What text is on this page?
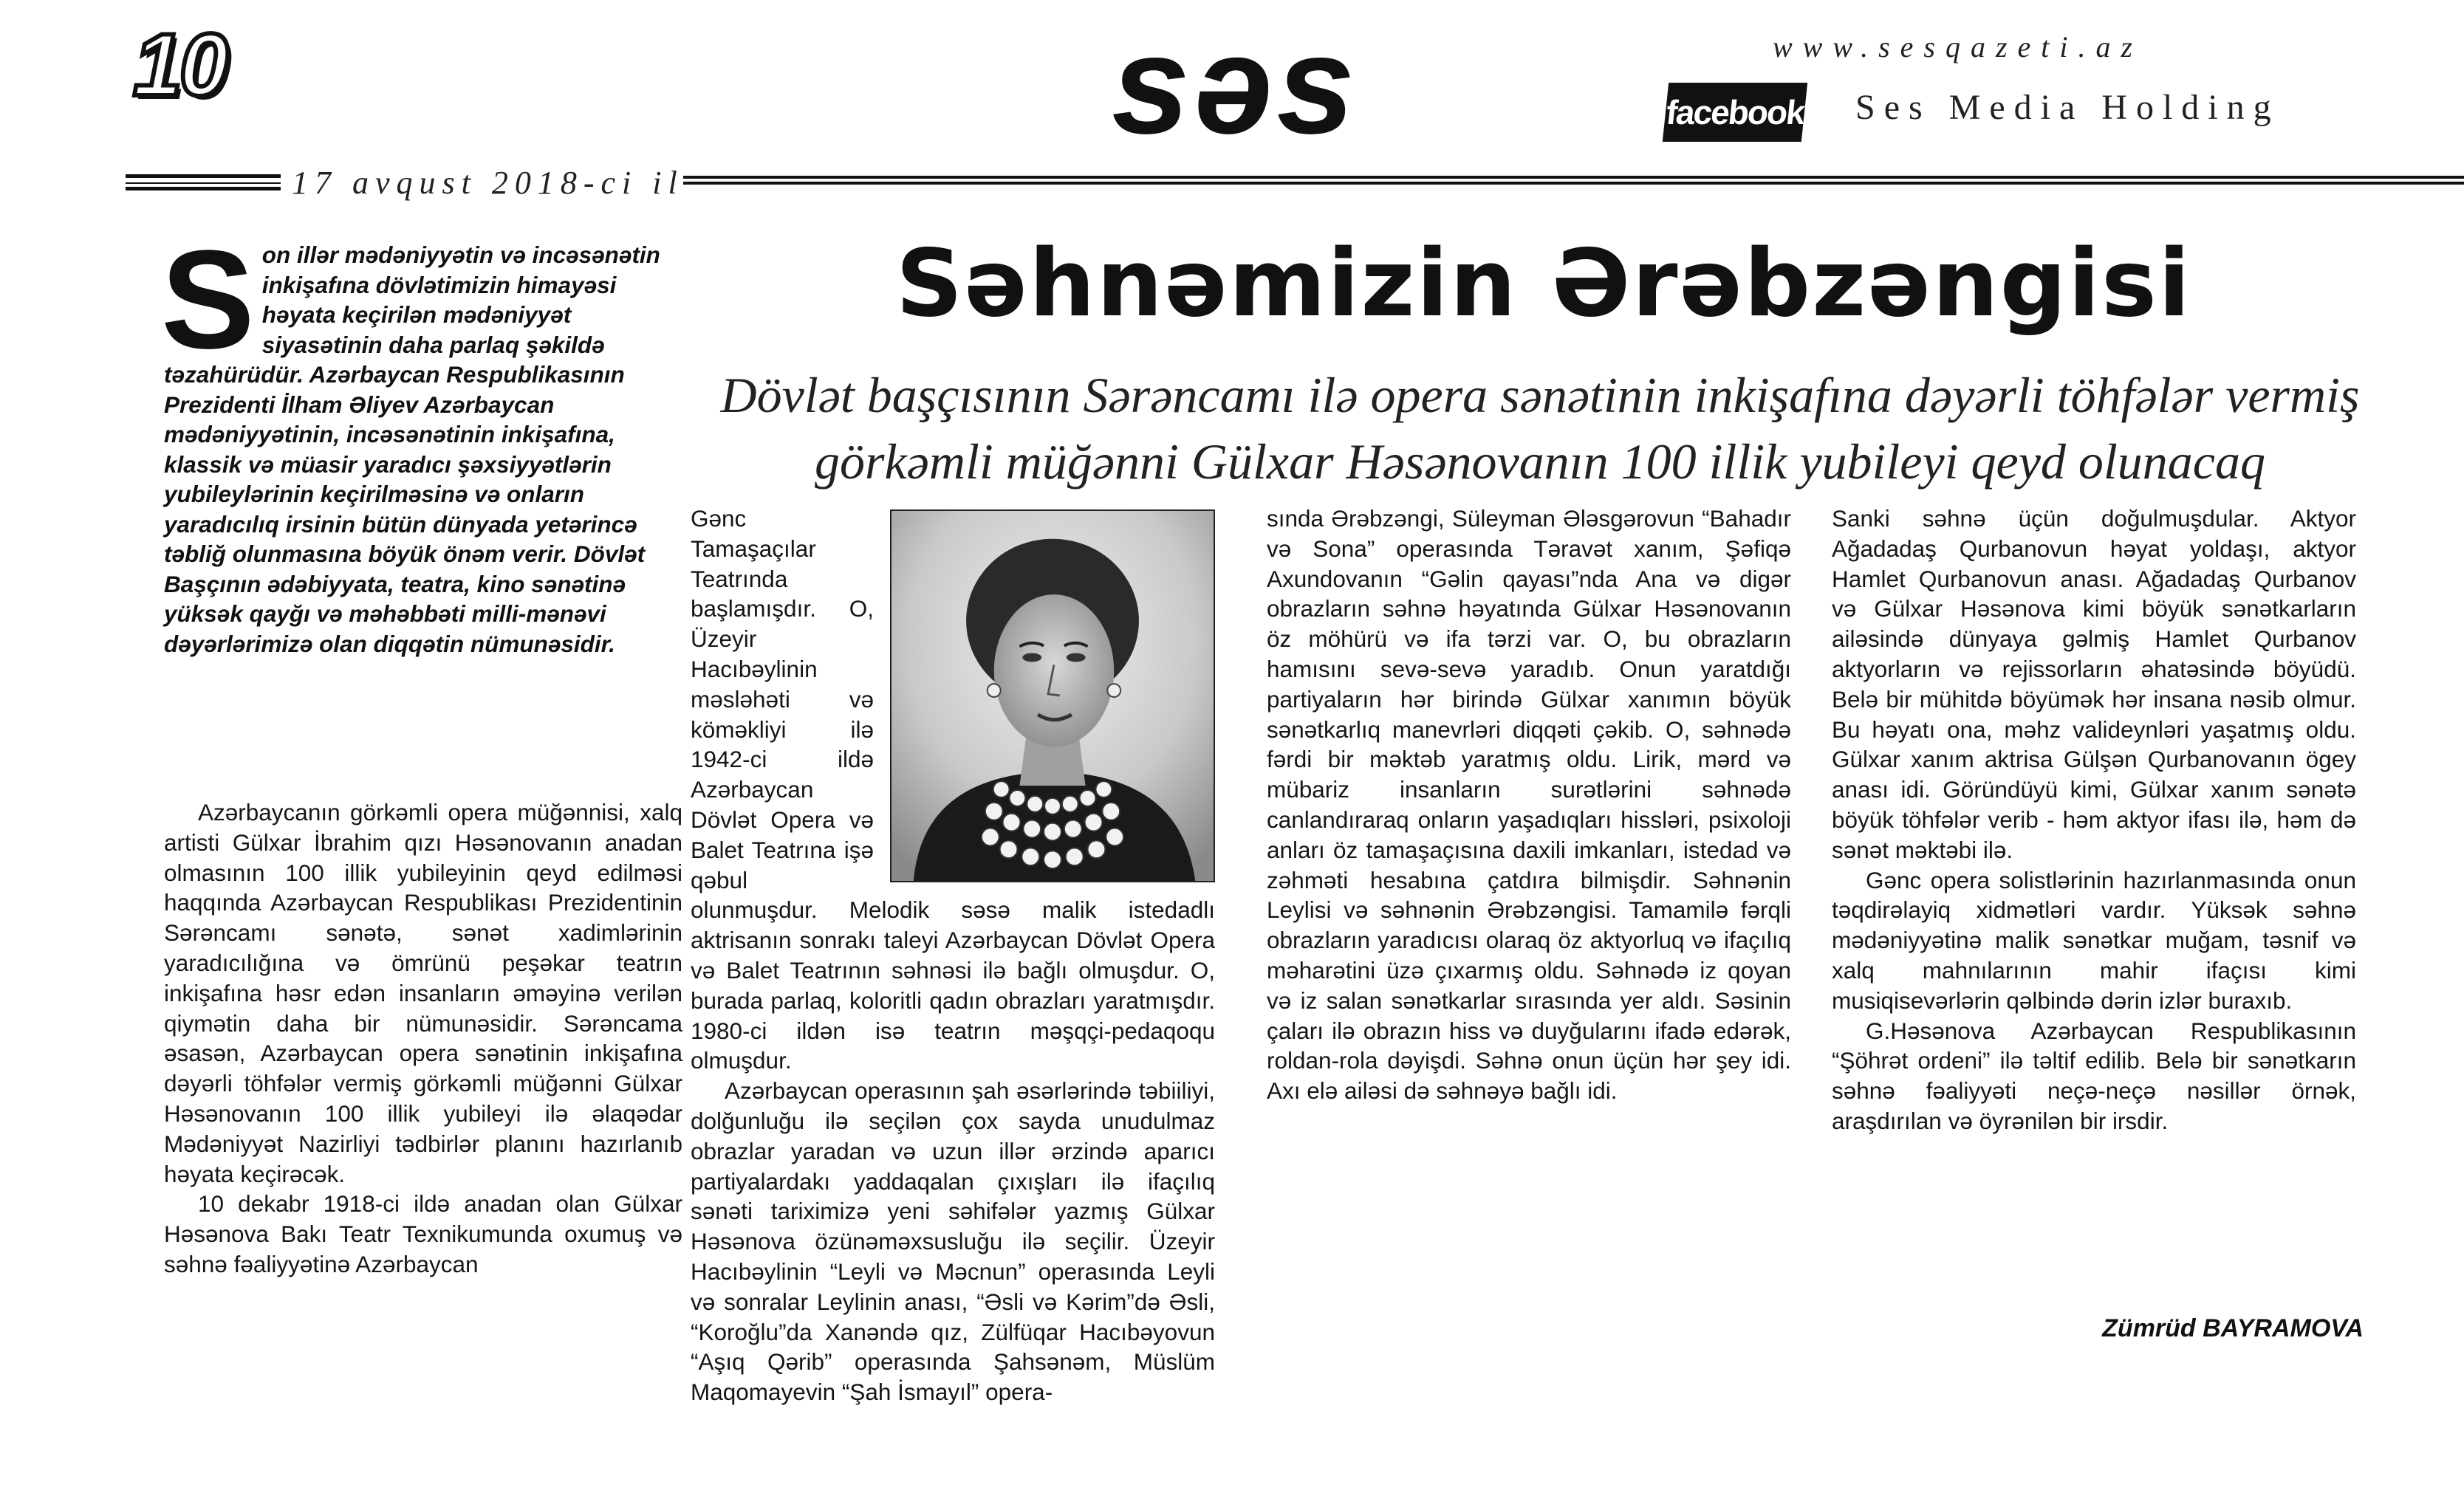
10	səs	www.sesqazeti.az
facebook Ses Media Holding
17 avqust 2018-ci il
Səhnəmizin Ərəbzəngisi
Dövlət başçısının Sərəncamı ilə opera sənətinin inkişafına dəyərli töhfələr vermiş görkəmli müğənni Gülxar Həsənovanın 100 illik yubileyi qeyd olunacaq
Son illər mədəniyyətin və incəsənətin inkişafına dövlətimizin himayəsi həyata keçirilən mədəniyyət siyasətinin daha parlaq şəkildə təzahürüdür. Azərbaycan Respublikasının Prezidenti İlham Əliyev Azərbaycan mədəniyyətinin, incəsənətinin inkişafına, klassik və müasir yaradıcı şəxsiyyətlərin yubileylərinin keçirilməsinə və onların yaradıcılıq irsinin bütün dünyada yetərincə təbliğ olunmasına böyük önəm verir. Dövlət Başçının ədəbiyyata, teatra, kino sənətinə yüksək qayğı və məhəbbəti milli-mənəvi dəyərlərimizə olan diqqətin nümunəsidir.

Azərbaycanın görkəmli opera müğənnisi, xalq artisti Gülxar İbrahim qızı Həsənovanın anadan olmasının 100 illik yubileyinin qeyd edilməsi haqqında Azərbaycan Respublikası Prezidentinin Sərəncamı sənətə, sənət xadimlərinin yaradıcılığına və ömrünü peşəkar teatrın inkişafına həsr edən insanların əməyinə verilən qiymətin daha bir nümunəsidir. Sərəncama əsasən, Azərbaycan opera sənətinin inkişafına dəyərli töhfələr vermiş görkəmli müğənni Gülxar Həsənovanın 100 illik yubileyi ilə əlaqədar Mədəniyyət Nazirliyi tədbirlər planını hazırlanıb həyata keçirəcək.

10 dekabr 1918-ci ildə anadan olan Gülxar Həsənova Bakı Teatr Texnikumunda oxumuş və səhnə fəaliyyətinə Azərbaycan

Gənc Tamaşaçılar Teatrında başlamışdır. O, Üzeyir Hacıbəylinin məsləhəti və köməkliyi ilə 1942-ci ildə Azərbaycan Dövlət Opera və Balet Teatrına işə qəbul olunmuşdur. Melodik səsə malik istedadlı aktrisanın sonrakı taleyi Azərbaycan Dövlət Opera və Balet Teatrının səhnəsi ilə bağlı olmuşdur. O, burada parlaq, koloritli qadın obrazları yaratmışdır. 1980-ci ildən isə teatrın məşqçi-pedaqoqu olmuşdur.

Azərbaycan operasının şah əsərlərində təbiiliyi, dolğunluğu ilə seçilən çox sayda unudulmaz obrazlar yaradan və uzun illər ərzində aparıcı partiyalardakı yaddaqalan çıxışları ilə ifaçılıq sənəti tariximizə yeni səhifələr yazmış Gülxar Həsənova özünəməxsusluğu ilə seçilir. Üzeyir Hacıbəylinin “Leyli və Məcnun” operasında Leyli və sonralar Leylinin anası, “Əsli və Kərim”də Əsli, “Koroğlu”da Xanəndə qız, Zülfüqar Hacıbəyovun “Aşıq Qərib” operasında Şahsənəm, Müslüm Maqomayevin “Şah İsmayıl” opera-

sında Ərəbzəngi, Süleyman Ələsgərovun “Bahadır və Sona” operasında Təravət xanım, Şəfiqə Axundovanın “Gəlin qayası”nda Ana və digər obrazların səhnə həyatında Gülxar Həsənovanın öz möhürü və ifa tərzi var. O, bu obrazların hamısını sevə-sevə yaradıb. Onun yaratdığı partiyaların hər birində Gülxar xanımın böyük sənətkarlıq manevrləri diqqəti çəkib. O, səhnədə fərdi bir məktəb yaratmış oldu. Lirik, mərd və mübariz insanların surətlərini səhnədə canlandıraraq onların yaşadıqları hissləri, psixoloji anları öz tamaşaçısına daxili imkanları, istedad və zəhməti hesabına çatdıra bilmişdir. Səhnənin Leylisi və səhnənin Ərəbzəngisi. Tamamilə fərqli obrazların yaradıcısı olaraq öz aktyorluq və ifaçılıq məharətini üzə çıxarmış oldu. Səhnədə iz qoyan və iz salan sənətkarlar sırasında yer aldı. Səsinin çaları ilə obrazın hiss və duyğularını ifadə edərək, roldan-rola dəyişdi. Səhnə onun üçün hər şey idi. Axı elə ailəsi də səhnəyə bağlı idi.

Sanki səhnə üçün doğulmuşdular. Aktyor Ağadadaş Qurbanovun həyat yoldaşı, aktyor Hamlet Qurbanovun anası. Ağadadaş Qurbanov və Gülxar Həsənova kimi böyük sənətkarların ailəsində dünyaya gəlmiş Hamlet Qurbanov aktyorların və rejissorların əhatəsində böyüdü. Belə bir mühitdə böyümək hər insana nəsib olmur. Bu həyatı ona, məhz valideynləri yaşatmış oldu. Gülxar xanım aktrisa Gülşən Qurbanovanın ögey anası idi. Göründüyü kimi, Gülxar xanım sənətə böyük töhfələr verib - həm aktyor ifası ilə, həm də sənət məktəbi ilə.

Gənc opera solistlərinin hazırlanmasında onun təqdirəlayiq xidmətləri vardır. Yüksək səhnə mədəniyyətinə malik sənətkar muğam, təsnif və xalq mahnılarının mahir ifaçısı kimi musiqisevərlərin qəlbində dərin izlər buraxıb.

G.Həsənova Azərbaycan Respublikasının “Şöhrət ordeni” ilə təltif edilib. Belə bir sənətkarın səhnə fəaliyyəti neçə-neçə nəsillər örnək, araşdırılan və öyrənilən bir irsdir.

Zümrüd BAYRAMOVA
